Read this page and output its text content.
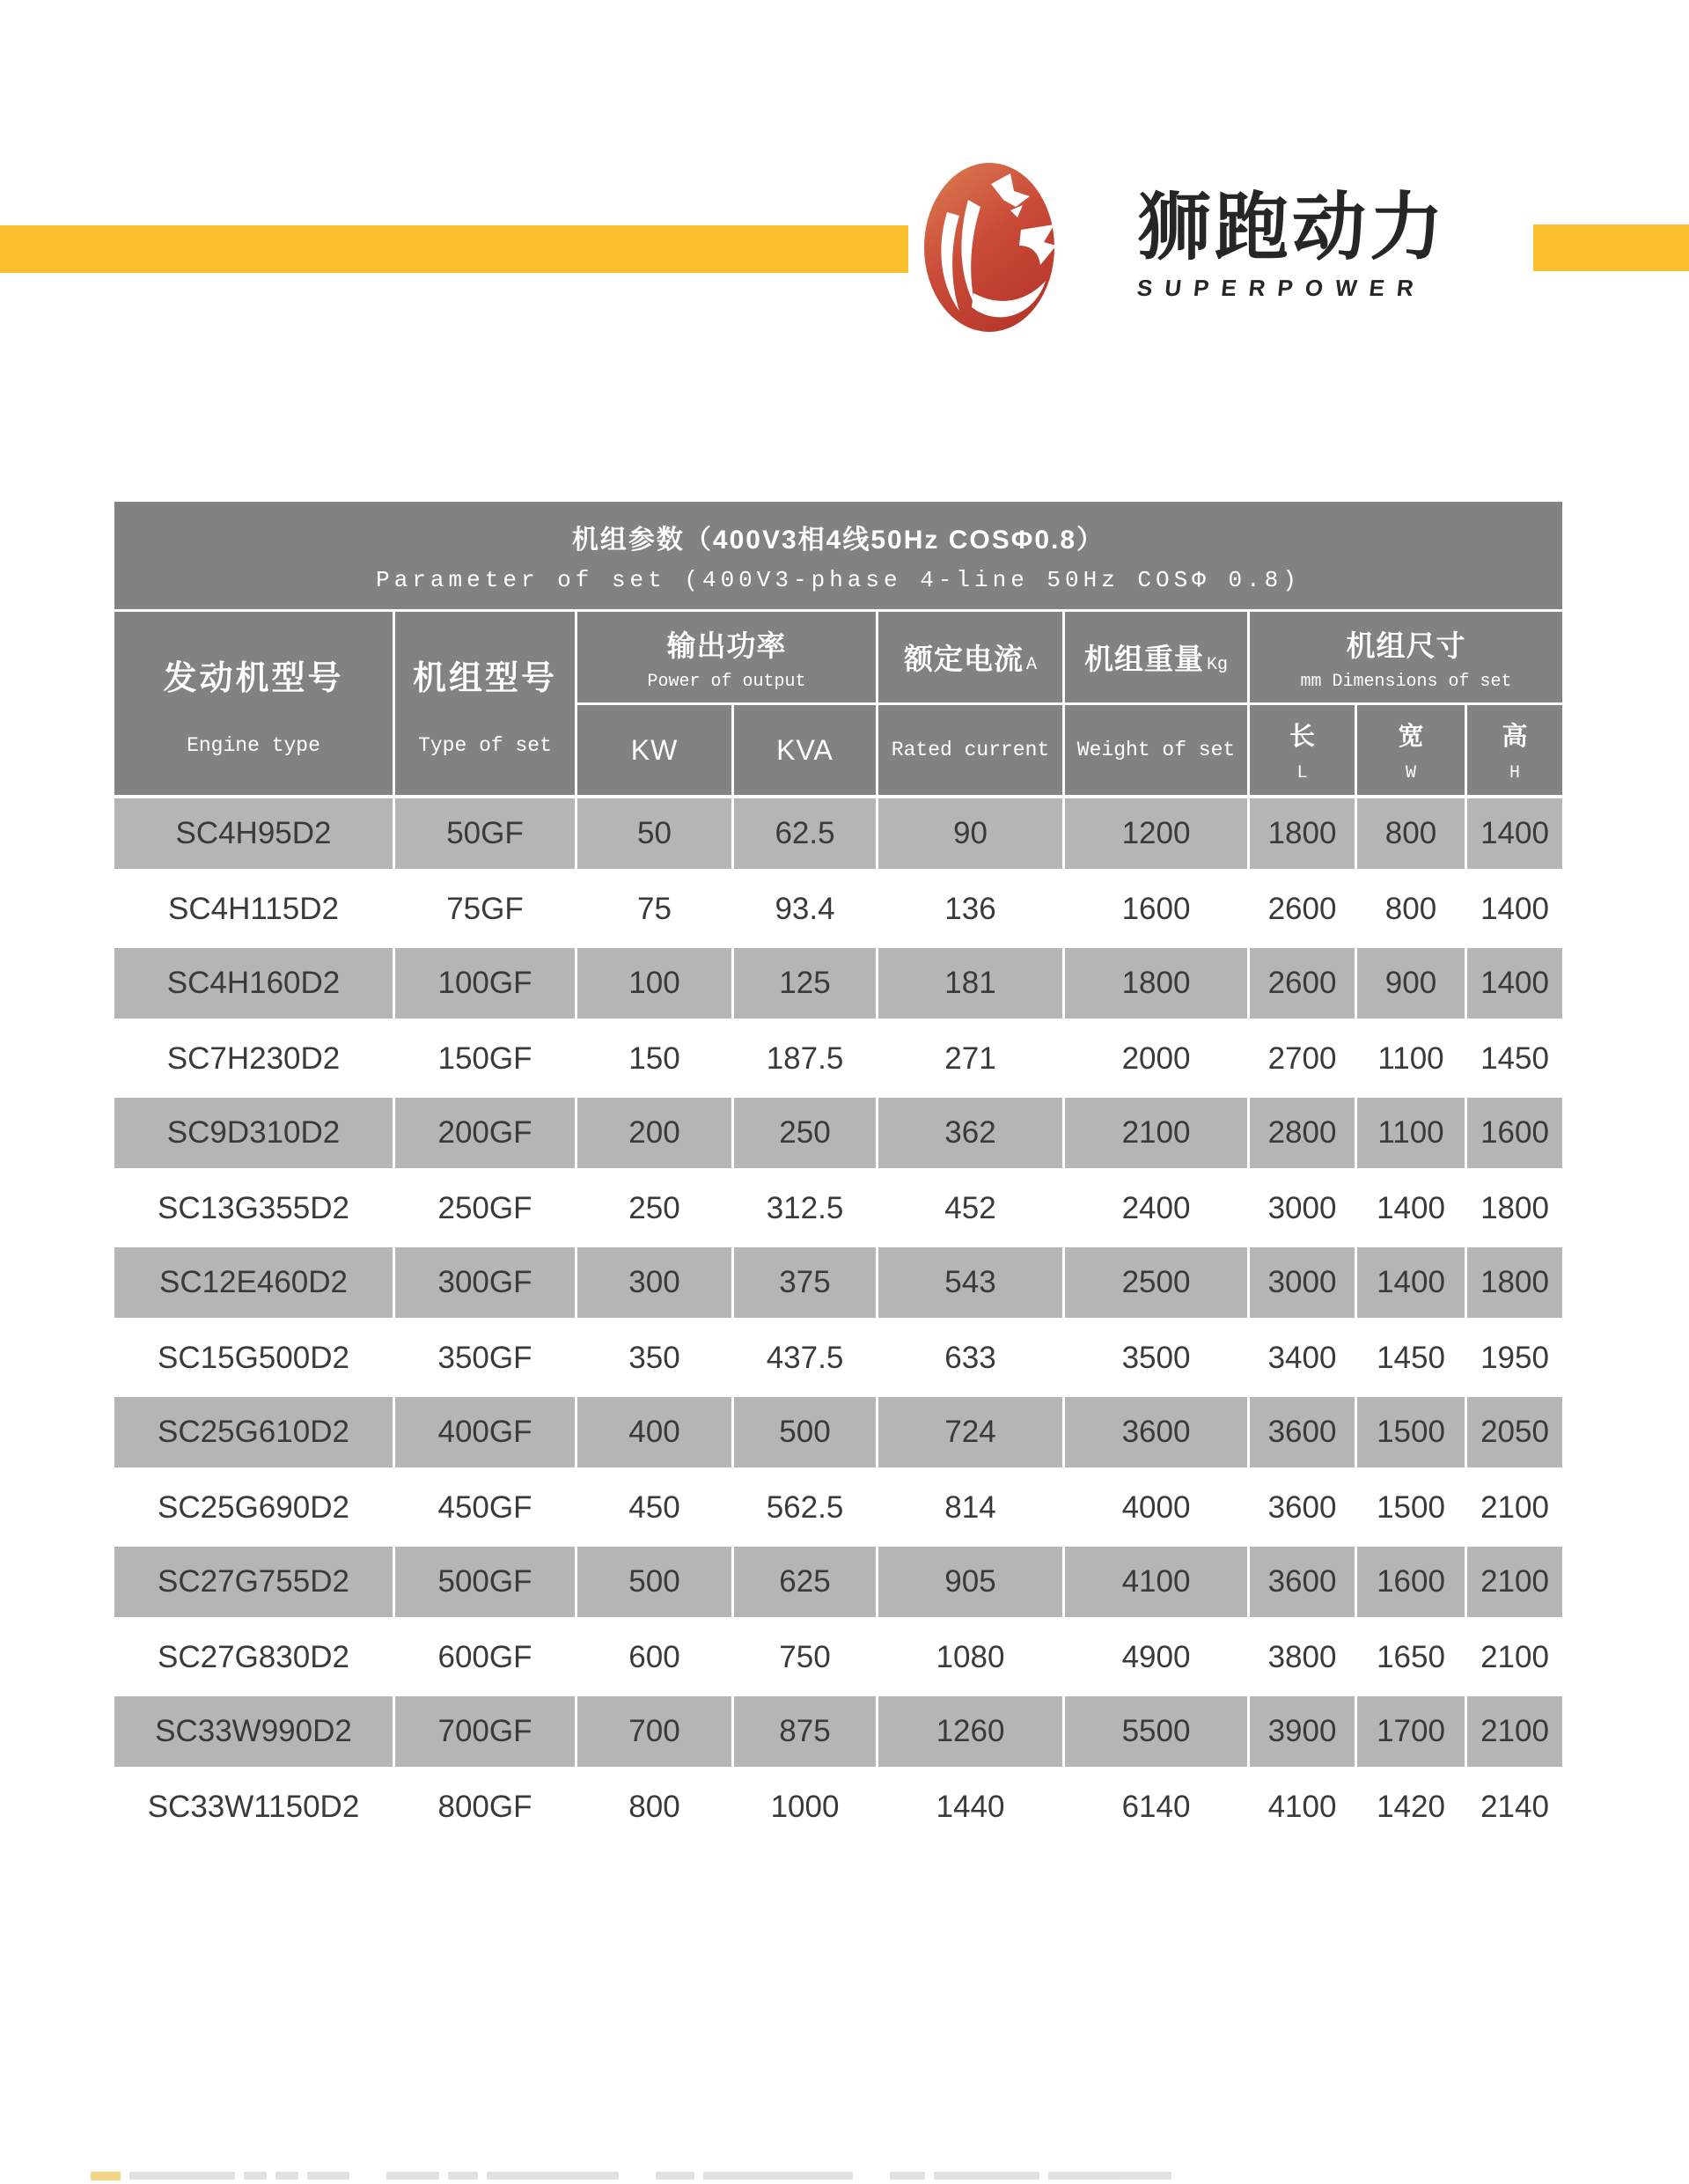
狮跑动力
SUPERPOWER
机组参数（400V3相4线50Hz COSΦ0.8）
Parameter of set (400V3-phase 4-line 50Hz COSΦ 0.8)
发动机型号
Engine type
机组型号
Type of set
输出功率
Power of output
KW	KVA
额定电流 A
Rated current
机组重量 Kg
Weight of set
机组尺寸
mm Dimensions of set
长
L
宽
W
高
H
SC4H95D2	50GF	50	62.5	90	1200	1800	800	1400
SC4H115D2	75GF	75	93.4	136	1600	2600	800	1400
SC4H160D2	100GF	100	125	181	1800	2600	900	1400
SC7H230D2	150GF	150	187.5	271	2000	2700	1100	1450
SC9D310D2	200GF	200	250	362	2100	2800	1100	1600
SC13G355D2	250GF	250	312.5	452	2400	3000	1400	1800
SC12E460D2	300GF	300	375	543	2500	3000	1400	1800
SC15G500D2	350GF	350	437.5	633	3500	3400	1450	1950
SC25G610D2	400GF	400	500	724	3600	3600	1500	2050
SC25G690D2	450GF	450	562.5	814	4000	3600	1500	2100
SC27G755D2	500GF	500	625	905	4100	3600	1600	2100
SC27G830D2	600GF	600	750	1080	4900	3800	1650	2100
SC33W990D2	700GF	700	875	1260	5500	3900	1700	2100
SC33W1150D2	800GF	800	1000	1440	6140	4100	1420	2140
